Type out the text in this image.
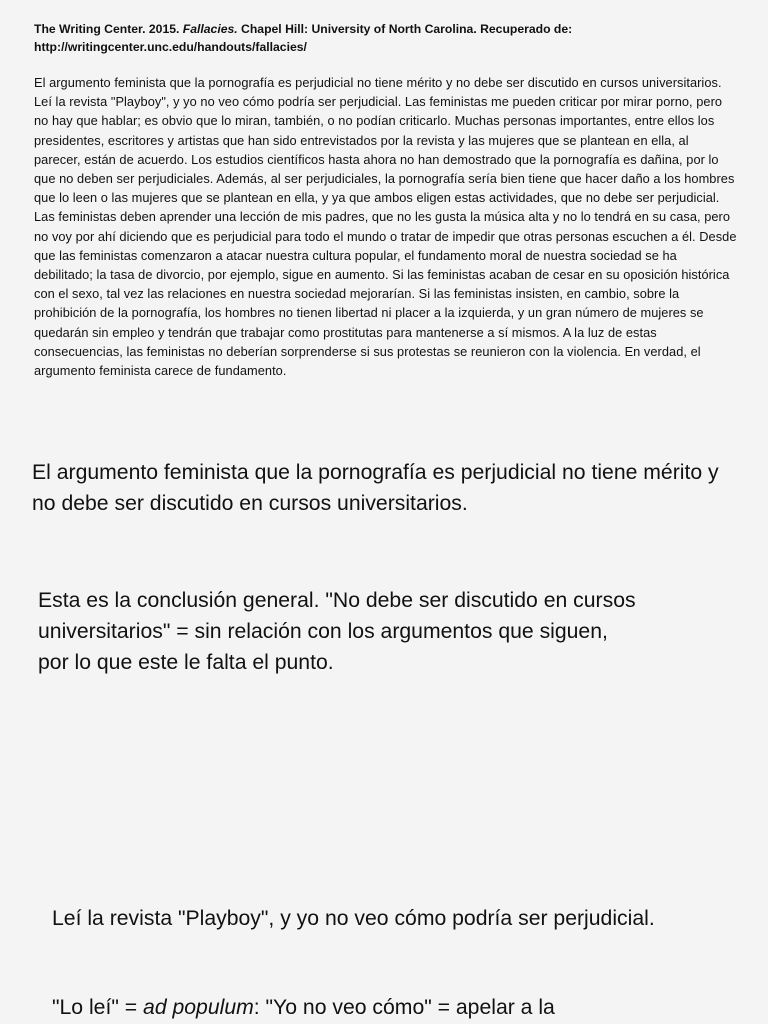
The Writing Center. 2015. Fallacies. Chapel Hill: University of North Carolina. Recuperado de:
http://writingcenter.unc.edu/handouts/fallacies/
El argumento feminista que la pornografía es perjudicial no tiene mérito y no debe ser discutido en cursos universitarios. Leí la revista "Playboy", y yo no veo cómo podría ser perjudicial. Las feministas me pueden criticar por mirar porno, pero no hay que hablar; es obvio que lo miran, también, o no podían criticarlo. Muchas personas importantes, entre ellos los presidentes, escritores y artistas que han sido entrevistados por la revista y las mujeres que se plantean en ella, al parecer, están de acuerdo. Los estudios científicos hasta ahora no han demostrado que la pornografía es dañina, por lo que no deben ser perjudiciales. Además, al ser perjudiciales, la pornografía sería bien tiene que hacer daño a los hombres que lo leen o las mujeres que se plantean en ella, y ya que ambos eligen estas actividades, que no debe ser perjudicial. Las feministas deben aprender una lección de mis padres, que no les gusta la música alta y no lo tendrá en su casa, pero no voy por ahí diciendo que es perjudicial para todo el mundo o tratar de impedir que otras personas escuchen a él. Desde que las feministas comenzaron a atacar nuestra cultura popular, el fundamento moral de nuestra sociedad se ha debilitado; la tasa de divorcio, por ejemplo, sigue en aumento. Si las feministas acaban de cesar en su oposición histórica con el sexo, tal vez las relaciones en nuestra sociedad mejorarían. Si las feministas insisten, en cambio, sobre la prohibición de la pornografía, los hombres no tienen libertad ni placer a la izquierda, y un gran número de mujeres se quedarán sin empleo y tendrán que trabajar como prostitutas para mantenerse a sí mismos. A la luz de estas consecuencias, las feministas no deberían sorprenderse si sus protestas se reunieron con la violencia. En verdad, el argumento feminista carece de fundamento.
El argumento feminista que la pornografía es perjudicial no tiene mérito y no debe ser discutido en cursos universitarios.
Esta es la conclusión general. "No debe ser discutido en cursos universitarios" = sin relación con los argumentos que siguen, por lo que este le falta el punto.
Leí la revista "Playboy", y yo no veo cómo podría ser perjudicial.
"Lo leí" = ad populum: "Yo no veo cómo" = apelar a la
